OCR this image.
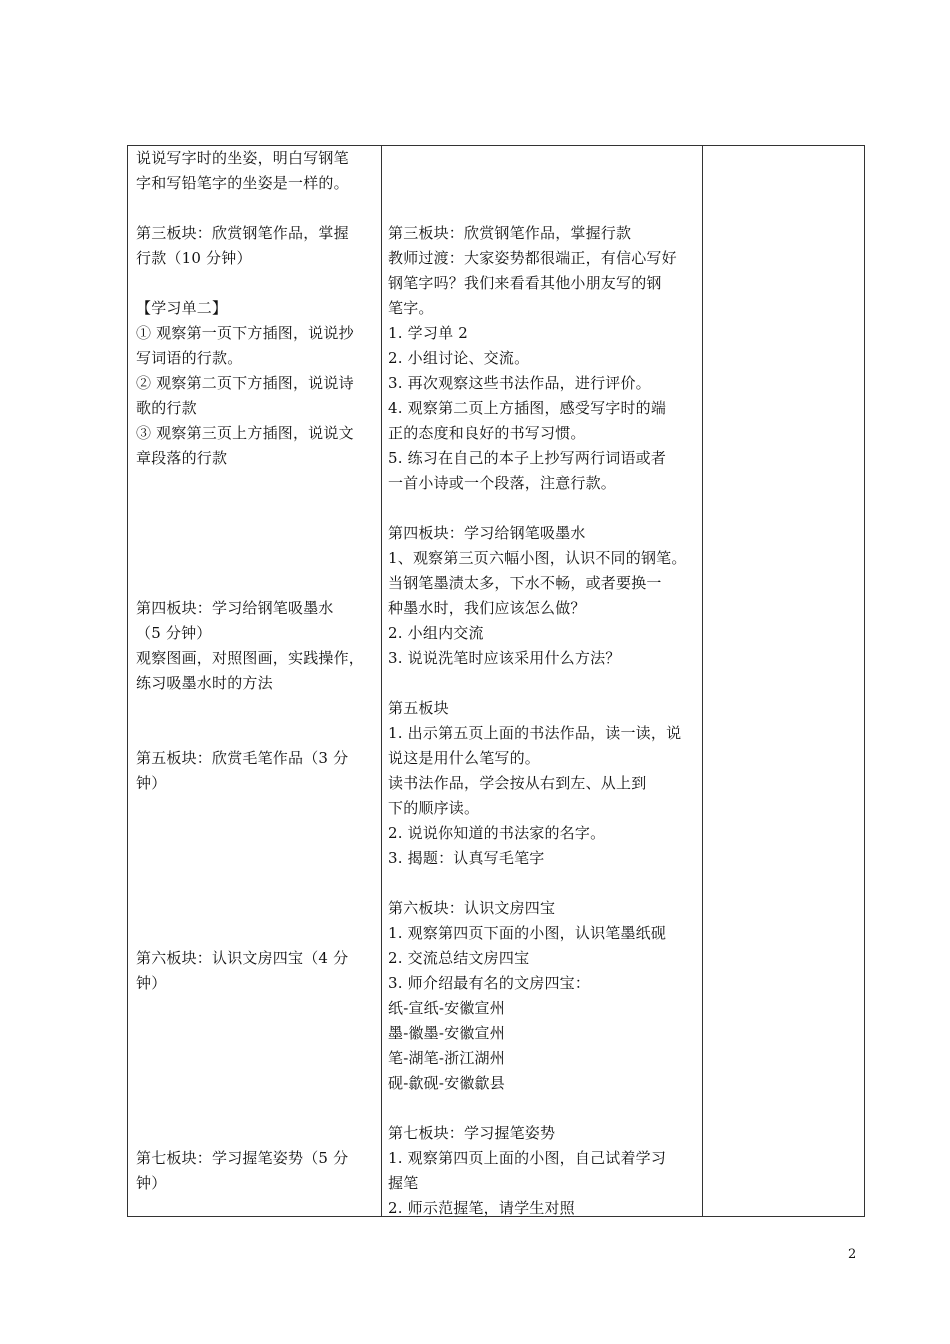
说说写字时的坐姿，明白写钢笔
字和写铅笔字的坐姿是一样的。
第三板块：欣赏钢笔作品，掌握
行款（10 分钟）
【学习单二】
① 观察第一页下方插图，说说抄
写词语的行款。
② 观察第二页下方插图，说说诗
歌的行款
③ 观察第三页上方插图，说说文
章段落的行款
第四板块：学习给钢笔吸墨水
（5 分钟）
观察图画，对照图画，实践操作，
练习吸墨水时的方法
第五板块：欣赏毛笔作品（3 分
钟）
第六板块：认识文房四宝（4 分
钟）
第七板块：学习握笔姿势（5 分
钟）
第三板块：欣赏钢笔作品，掌握行款
教师过渡：大家姿势都很端正，有信心写好
钢笔字吗？我们来看看其他小朋友写的钢
笔字。
1. 学习单 2
2. 小组讨论、交流。
3. 再次观察这些书法作品，进行评价。
4. 观察第二页上方插图，感受写字时的端
正的态度和良好的书写习惯。
5. 练习在自己的本子上抄写两行词语或者
一首小诗或一个段落，注意行款。
第四板块：学习给钢笔吸墨水
1、观察第三页六幅小图，认识不同的钢笔。
当钢笔墨渍太多，下水不畅，或者要换一
种墨水时，我们应该怎么做？
2. 小组内交流
3. 说说洗笔时应该采用什么方法？
第五板块
1. 出示第五页上面的书法作品，读一读，说
说这是用什么笔写的。
读书法作品，学会按从右到左、从上到
下的顺序读。
2. 说说你知道的书法家的名字。
3. 揭题：认真写毛笔字
第六板块：认识文房四宝
1. 观察第四页下面的小图，认识笔墨纸砚
2. 交流总结文房四宝
3. 师介绍最有名的文房四宝：
纸-宣纸-安徽宣州
墨-徽墨-安徽宣州
笔-湖笔-浙江湖州
砚-歙砚-安徽歙县
第七板块：学习握笔姿势
1. 观察第四页上面的小图，自己试着学习
握笔
2. 师示范握笔，请学生对照
2
